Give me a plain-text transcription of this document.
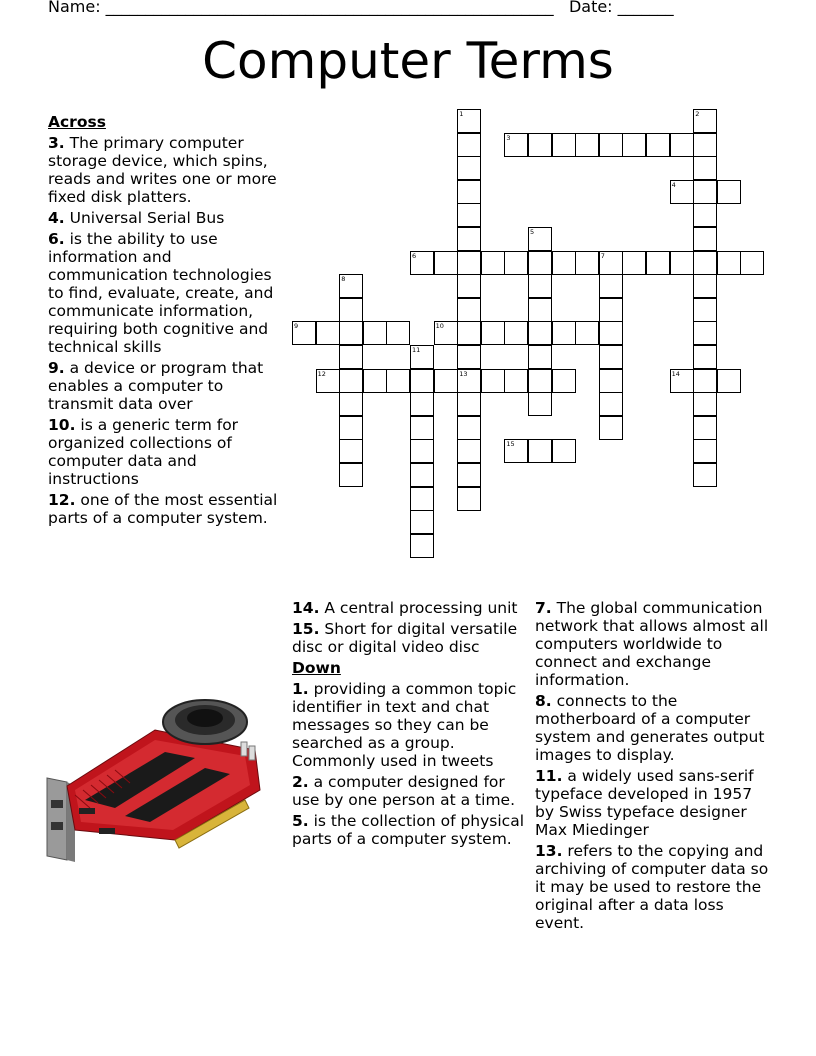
Name: ________________________________________________________   Date: _______
Computer Terms
3
4
6	7
9	10
12	13	14
15
1	2
5
8
11
Across
3. The primary computer storage device, which spins, reads and writes one or more fixed disk platters.
4. Universal Serial Bus
6. is the ability to use information and communication technologies to find, evaluate, create, and communicate information, requiring both cognitive and technical skills
9. a device or program that enables a computer to transmit data over
10. is a generic term for organized collections of computer data and instructions
12. one of the most essential parts of a computer system.
14. A central processing unit
15. Short for digital versatile disc or digital video disc
Down
1. providing a common topic identifier in text and chat messages so they can be searched as a group. Commonly used in tweets
2. a computer designed for use by one person at a time.
5. is the collection of physical parts of a computer system.
7. The global communication network that allows almost all computers worldwide to connect and exchange information.
8. connects to the motherboard of a computer system and generates output images to display.
11. a widely used sans-serif typeface developed in 1957 by Swiss typeface designer Max Miedinger
13. refers to the copying and archiving of computer data so it may be used to restore the original after a data loss event.
